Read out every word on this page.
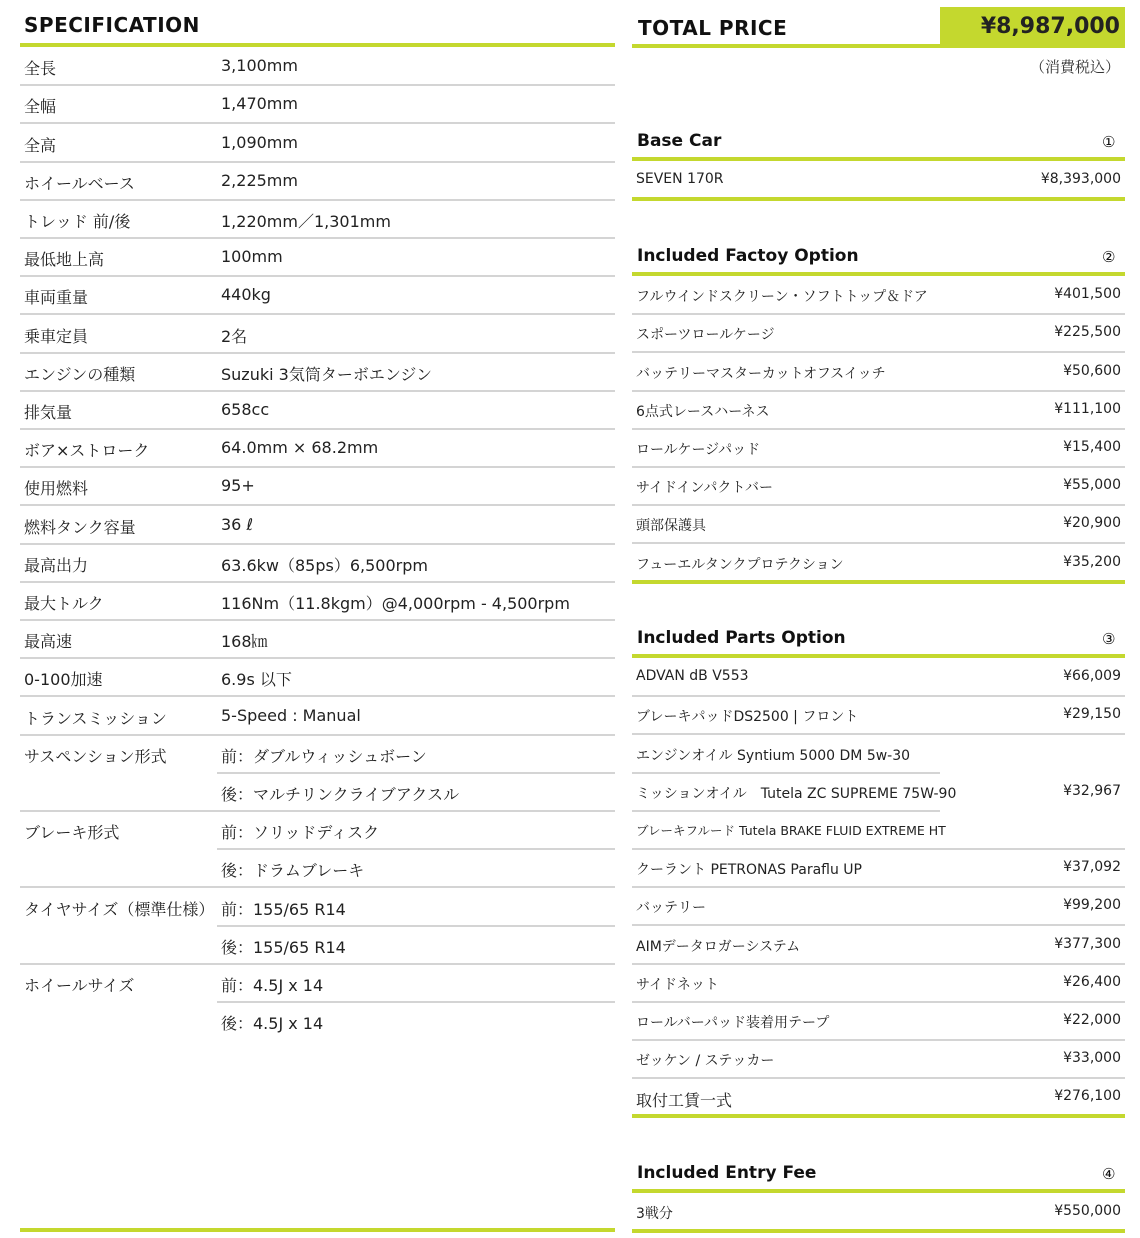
SPECIFICATION
全長	3,100mm
全幅	1,470mm
全高	1,090mm
ホイールベース	2,225mm
トレッド 前/後	1,220mm／1,301mm
最低地上高	100mm
車両重量	440kg
乗車定員	2名
エンジンの種類	Suzuki 3気筒ターボエンジン
排気量	658cc
ボア×ストローク	64.0mm × 68.2mm
使用燃料	95+
燃料タンク容量	36 ℓ
最高出力	63.6kw（85ps）6,500rpm
最大トルク	116Nm（11.8kgm）@4,000rpm - 4,500rpm
最高速	168㎞
0-100加速	6.9s 以下
トランスミッション	5-Speed : Manual
サスペンション形式	前：ダブルウィッシュボーン
後：マルチリンクライブアクスル
ブレーキ形式	前：ソリッドディスク
後：ドラムブレーキ
タイヤサイズ（標準仕様） 前：155/65 R14
後：155/65 R14
ホイールサイズ	前：4.5J x 14
後：4.5J x 14
TOTAL PRICE	¥8,987,000
（消費税込）
Base Car	①
SEVEN 170R	¥8,393,000
Included Factoy Option	②
フルウインドスクリーン・ソフトトップ＆ドア	¥401,500
スポーツロールケージ	¥225,500
バッテリーマスターカットオフスイッチ	¥50,600
6点式レースハーネス	¥111,100
ロールケージパッド	¥15,400
サイドインパクトバー	¥55,000
頭部保護具	¥20,900
フューエルタンクプロテクション	¥35,200
Included Parts Option	③
ADVAN dB V553	¥66,009
ブレーキパッドDS2500 | フロント	¥29,150
エンジンオイル Syntium 5000 DM 5w-30
ミッションオイル　Tutela ZC SUPREME 75W-90	¥32,967
ブレーキフルード Tutela BRAKE FLUID EXTREME HT
クーラント PETRONAS Paraflu UP	¥37,092
バッテリー	¥99,200
AIMデータロガーシステム	¥377,300
サイドネット	¥26,400
ロールバーパッド装着用テープ	¥22,000
ゼッケン / ステッカー	¥33,000
取付工賃一式	¥276,100
Included Entry Fee	④
3戦分	¥550,000
